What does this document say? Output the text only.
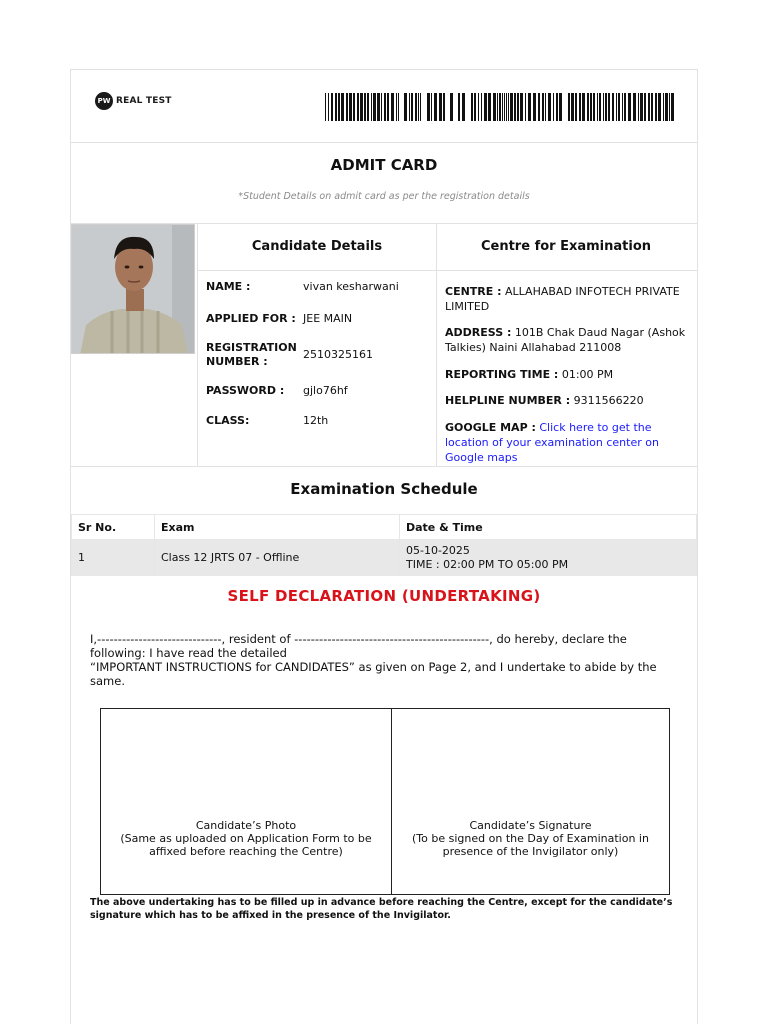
PW REAL TEST
ADMIT CARD
*Student Details on admit card as per the registration details
Candidate Details
NAME :	vivan kesharwani
APPLIED FOR : JEE MAIN
REGISTRATION
NUMBER :
2510325161
PASSWORD :	gjlo76hf
CLASS:	12th
Centre for Examination
CENTRE : ALLAHABAD INFOTECH PRIVATE LIMITED
ADDRESS : 101B Chak Daud Nagar (Ashok Talkies) Naini Allahabad 211008
REPORTING TIME : 01:00 PM
HELPLINE NUMBER : 9311566220
GOOGLE MAP : Click here to get the location of your examination center on Google maps
Examination Schedule
Sr No.	Exam	Date & Time
1	Class 12 JRTS 07 - Offline	05-10-2025
TIME : 02:00 PM TO 05:00 PM
SELF DECLARATION (UNDERTAKING)
I,------------------------------, resident of -----------------------------------------------, do hereby, declare the following: I have read the detailed
“IMPORTANT INSTRUCTIONS for CANDIDATES” as given on Page 2, and I undertake to abide by the same.
Candidate’s Photo
(Same as uploaded on Application Form to be affixed before reaching the Centre)
Candidate’s Signature
(To be signed on the Day of Examination in presence of the Invigilator only)
The above undertaking has to be filled up in advance before reaching the Centre, except for the candidate’s signature which has to be affixed in the presence of the Invigilator.
